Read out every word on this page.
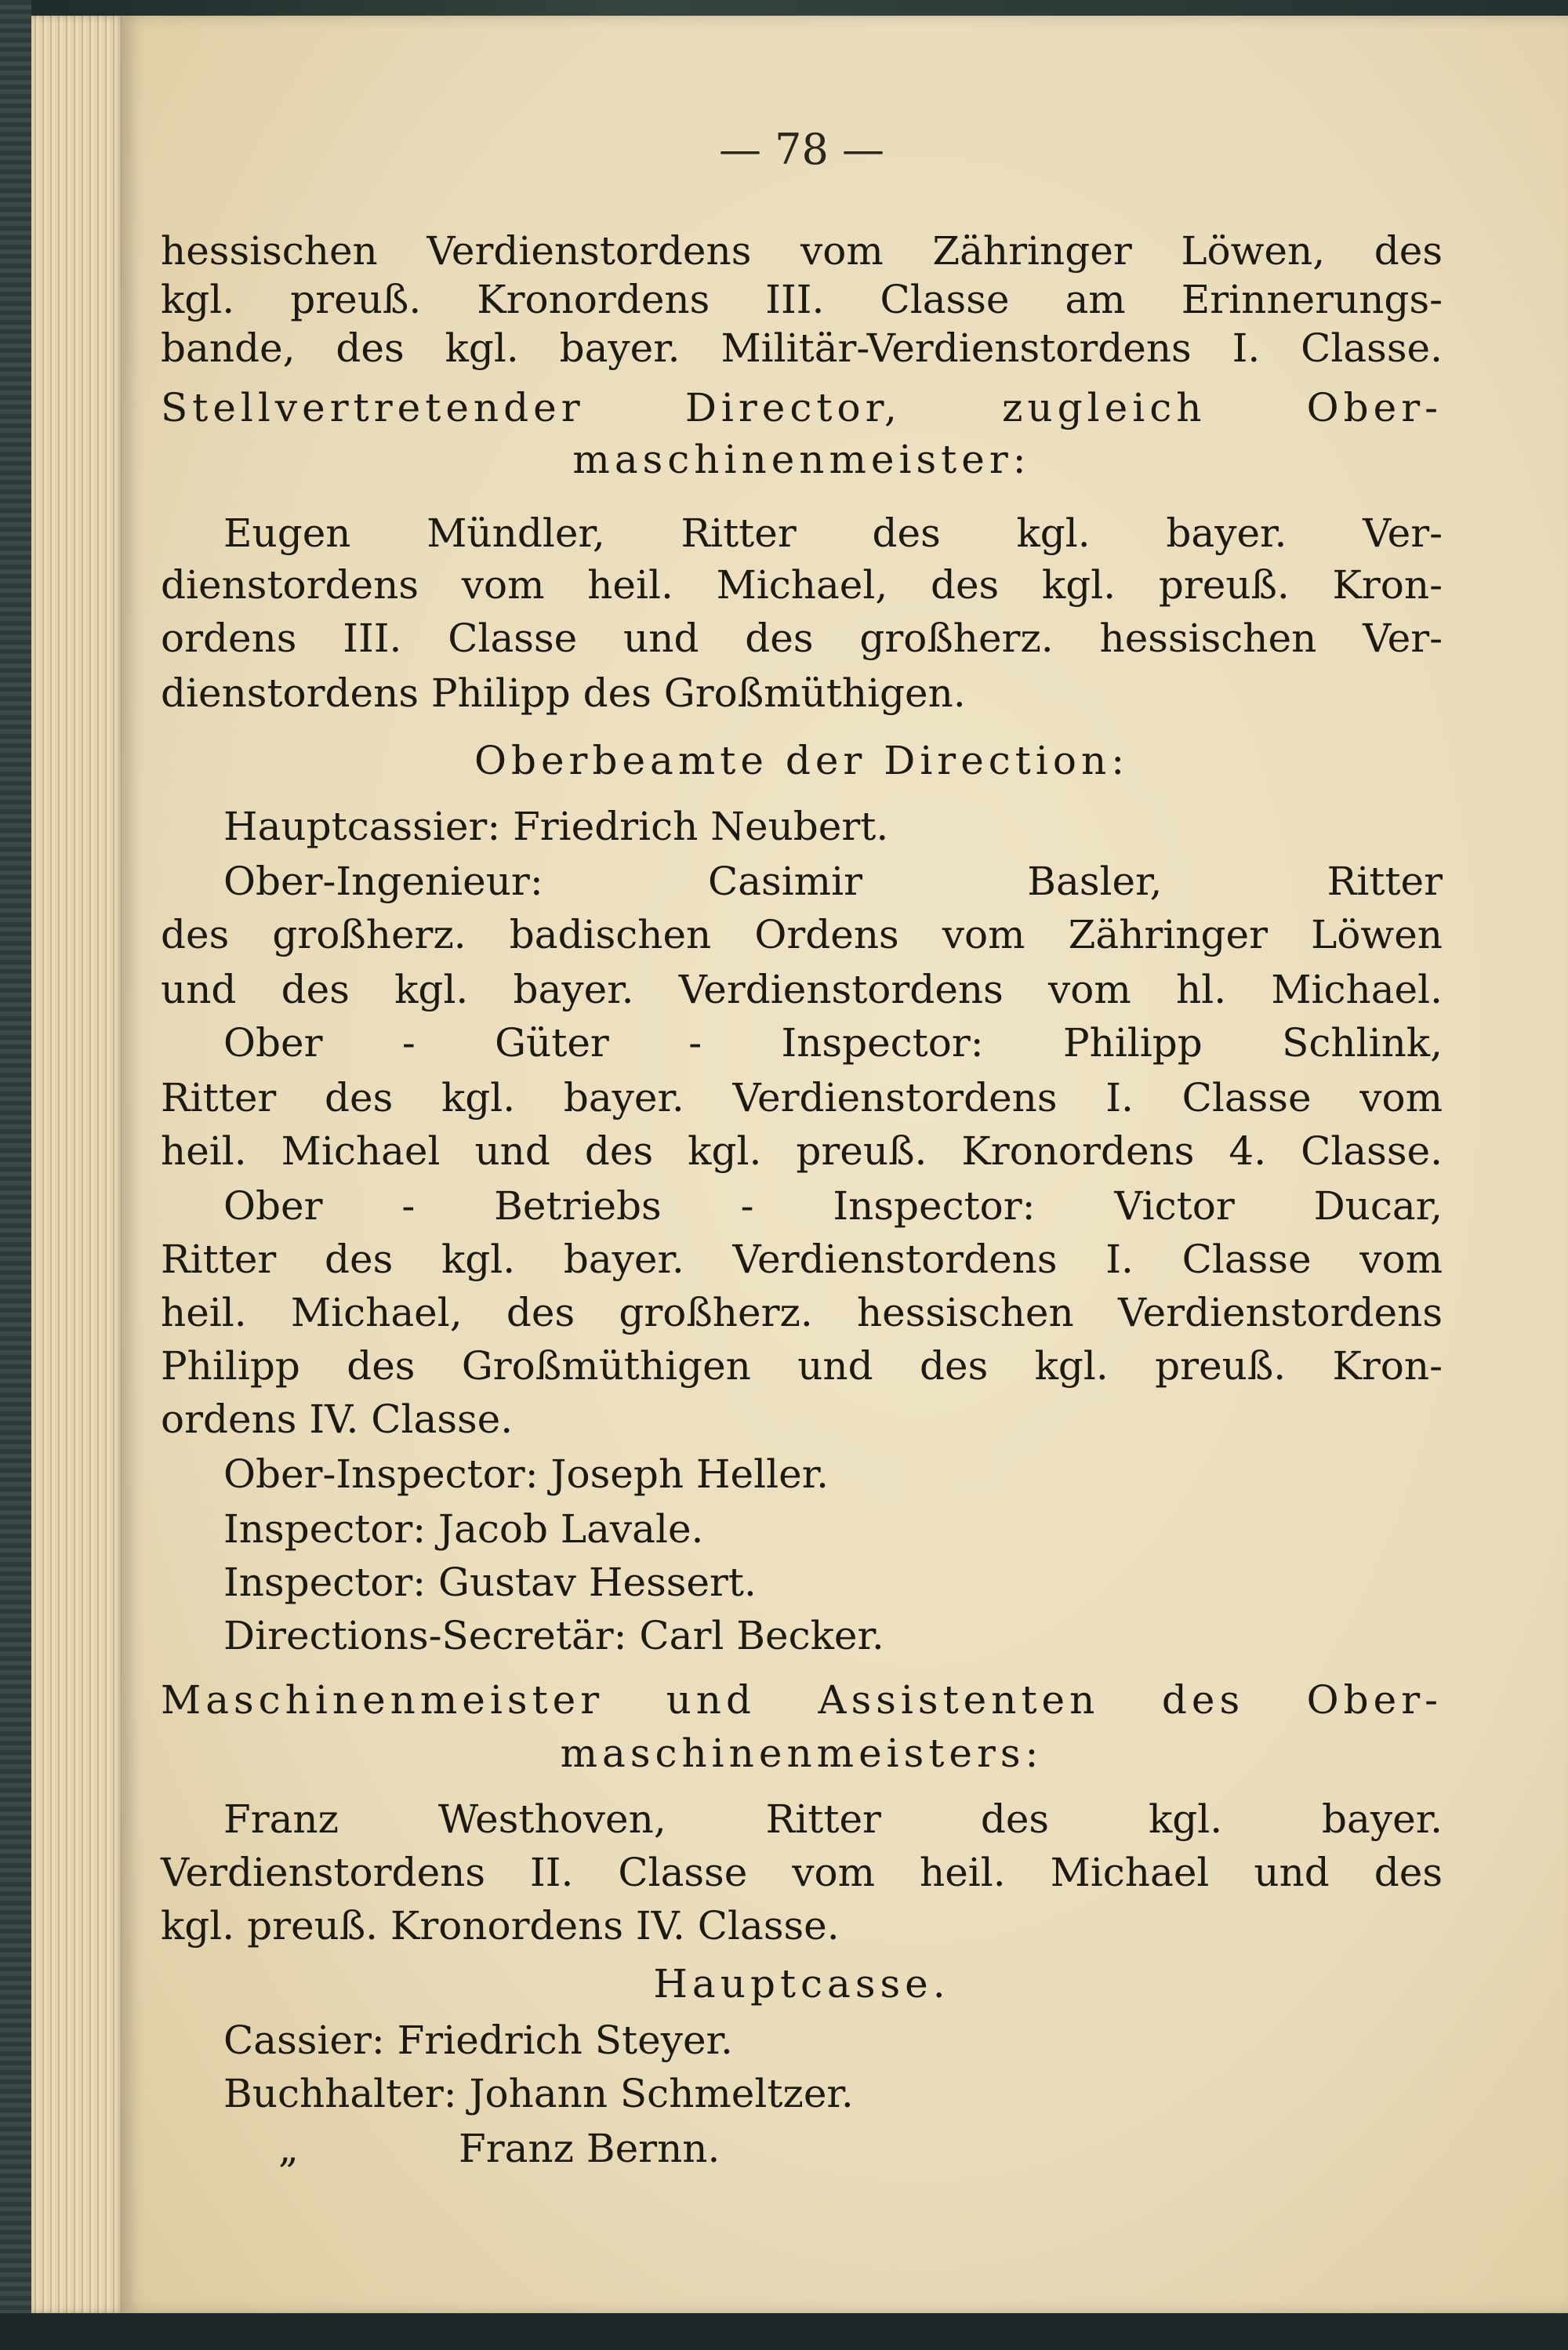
— 78 —
hessischen Verdienstordens vom Zähringer Löwen, des
kgl. preuß. Kronordens III. Classe am Erinnerungs-
bande, des kgl. bayer. Militär-Verdienstordens I. Classe.
Stellvertretender Director, zugleich Ober-
maschinenmeister:
Eugen Mündler, Ritter des kgl. bayer. Ver-
dienstordens vom heil. Michael, des kgl. preuß. Kron-
ordens III. Classe und des großherz. hessischen Ver-
dienstordens Philipp des Großmüthigen.
Oberbeamte der Direction:
Hauptcassier: Friedrich Neubert.
Ober-Ingenieur: Casimir Basler, Ritter
des großherz. badischen Ordens vom Zähringer Löwen
und des kgl. bayer. Verdienstordens vom hl. Michael.
Ober - Güter - Inspector: Philipp Schlink,
Ritter des kgl. bayer. Verdienstordens I. Classe vom
heil. Michael und des kgl. preuß. Kronordens 4. Classe.
Ober - Betriebs - Inspector: Victor Ducar,
Ritter des kgl. bayer. Verdienstordens I. Classe vom
heil. Michael, des großherz. hessischen Verdienstordens
Philipp des Großmüthigen und des kgl. preuß. Kron-
ordens IV. Classe.
Ober-Inspector: Joseph Heller.
Inspector: Jacob Lavale.
Inspector: Gustav Hessert.
Directions-Secretär: Carl Becker.
Maschinenmeister und Assistenten des Ober-
maschinenmeisters:
Franz Westhoven, Ritter des kgl. bayer.
Verdienstordens II. Classe vom heil. Michael und des
kgl. preuß. Kronordens IV. Classe.
Hauptcasse.
Cassier: Friedrich Steyer.
Buchhalter: Johann Schmeltzer.
„	Franz Bernn.
